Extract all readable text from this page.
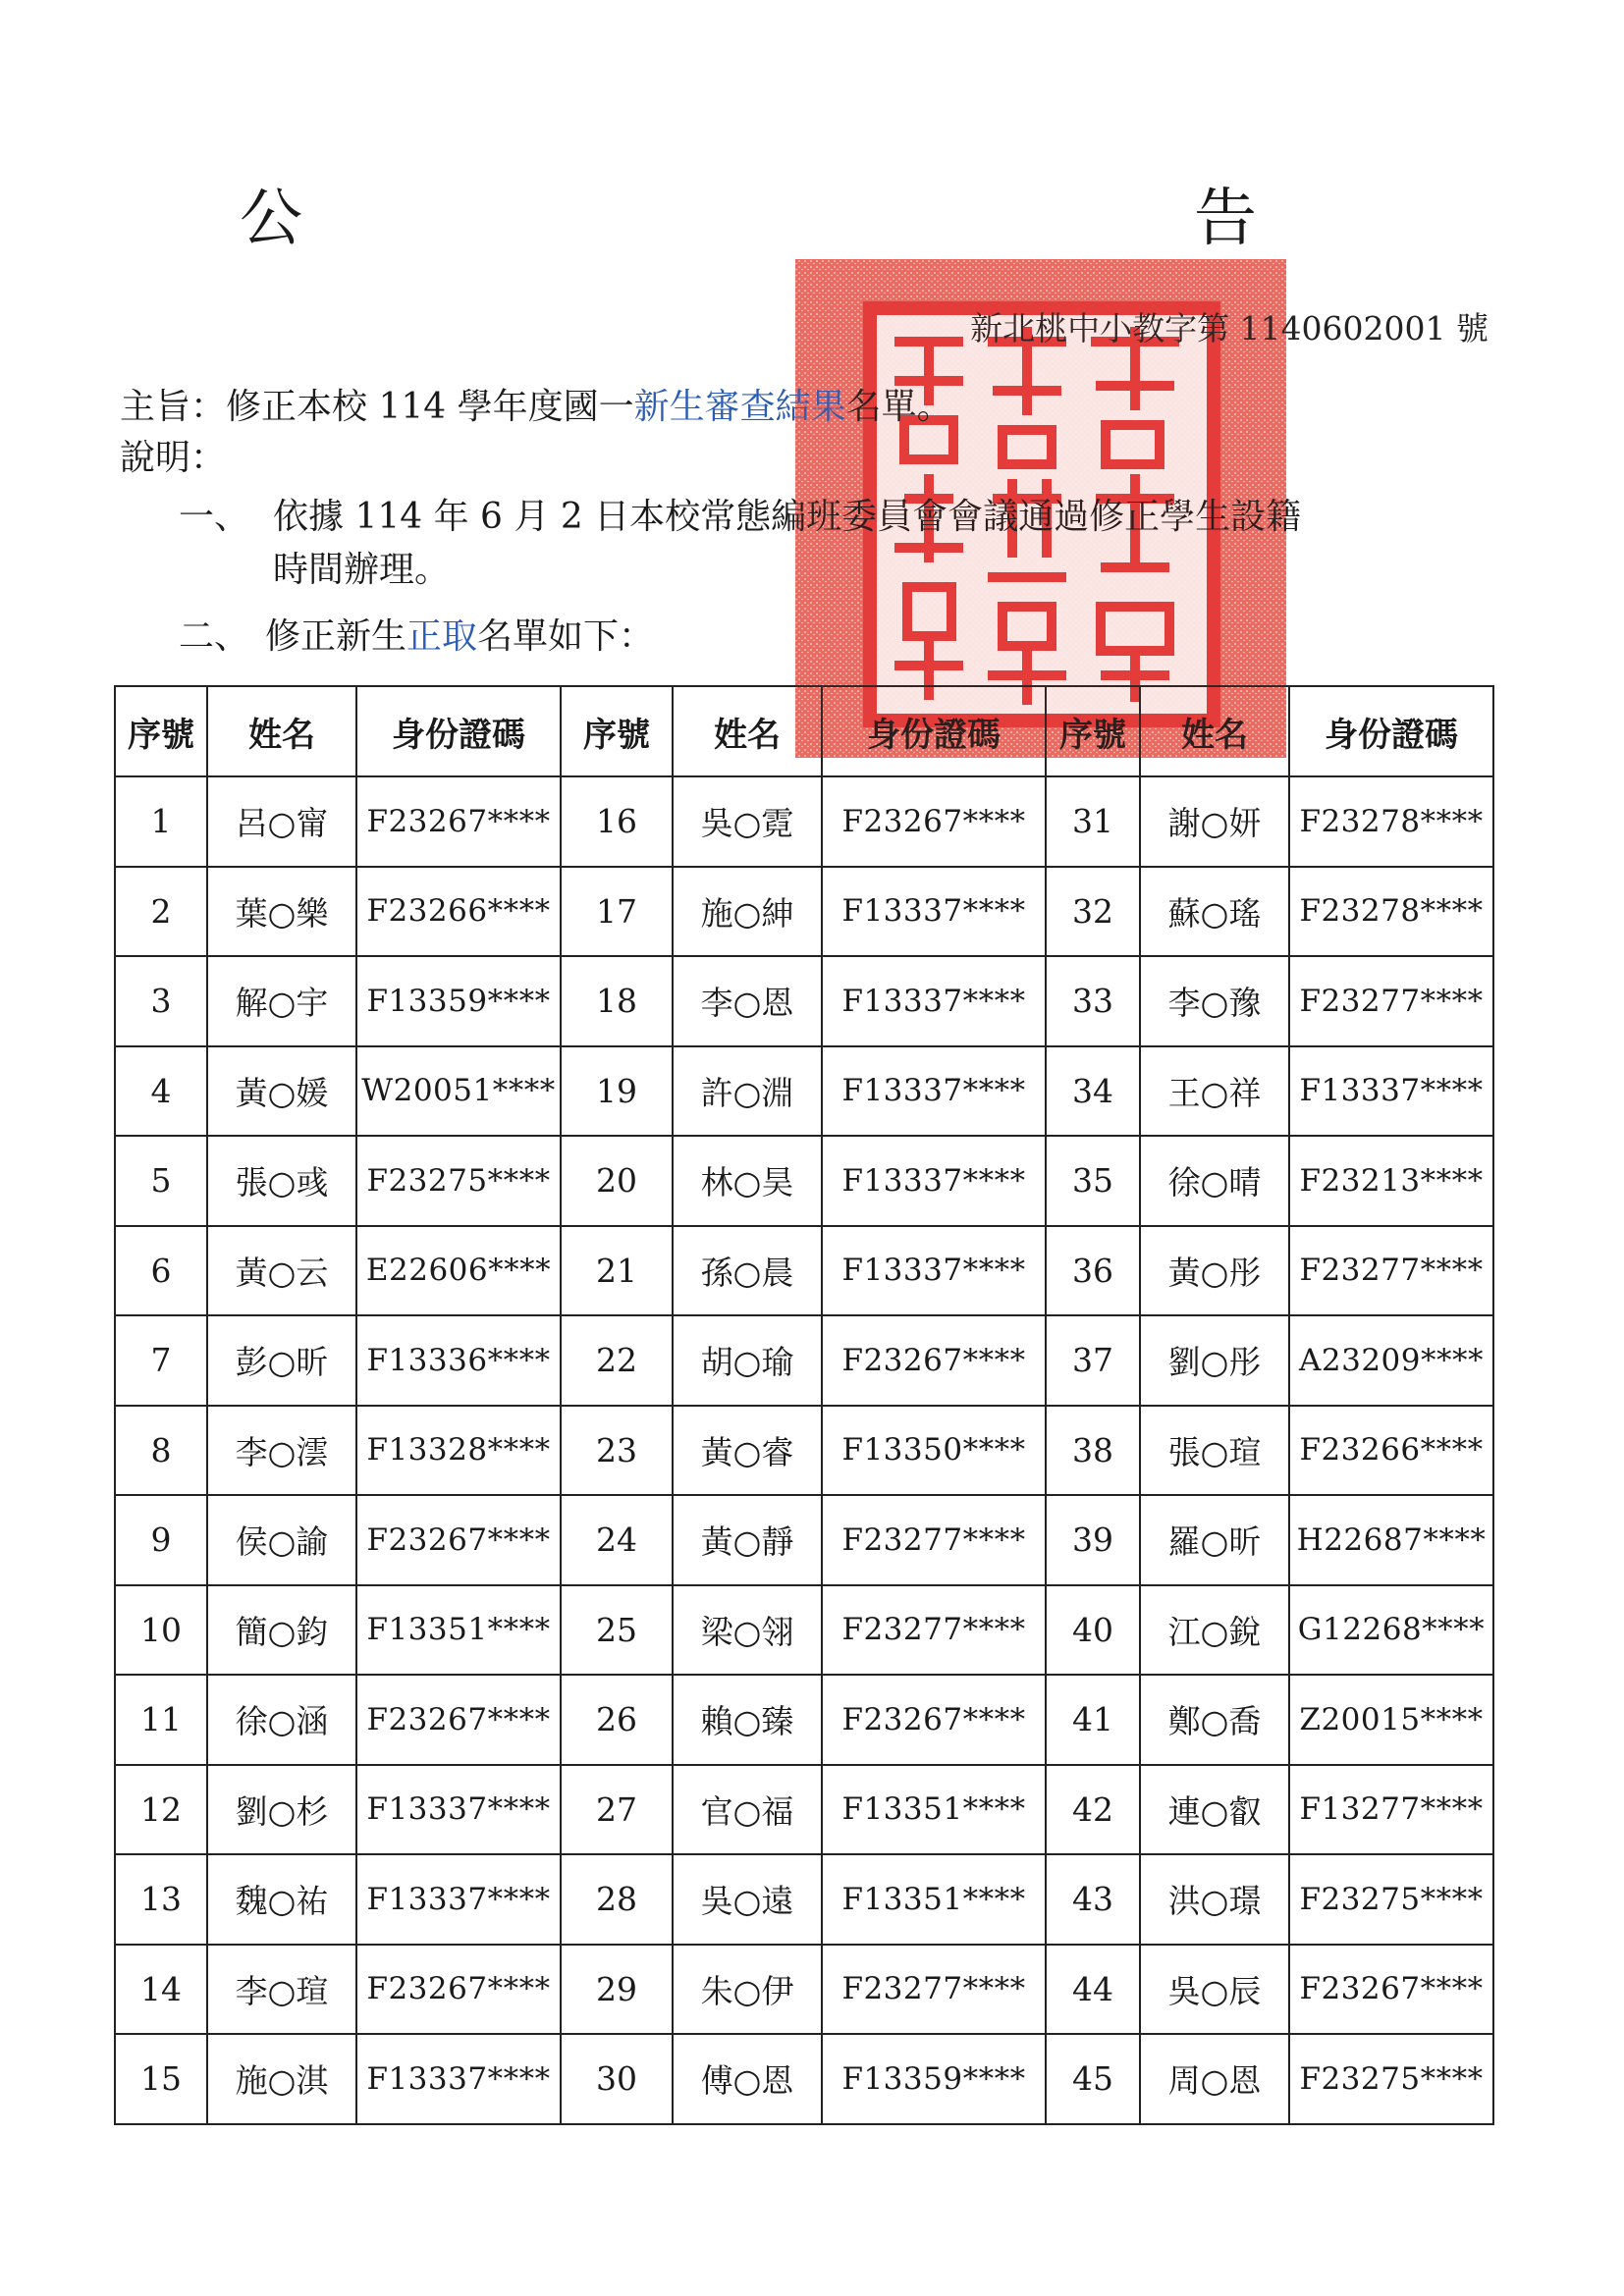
公　　告
新北桃中小教字第 1140602001 號
主旨：修正本校 114 學年度國一新生審查結果名單。
說明：
一、 依據 114 年 6 月 2 日本校常態編班委員會會議通過修正學生設籍
時間辦理。
二、 修正新生正取名單如下：
序號	姓名	身份證碼	序號	姓名	身份證碼	序號	姓名	身份證碼
1	呂○甯	F23267****	16	吳○霓	F23267****	31	謝○妍	F23278****
2	葉○樂	F23266****	17	施○紳	F13337****	32	蘇○瑤	F23278****
3	解○宇	F13359****	18	李○恩	F13337****	33	李○豫	F23277****
4	黃○媛	W20051****	19	許○淵	F13337****	34	王○祥	F13337****
5	張○彧	F23275****	20	林○昊	F13337****	35	徐○晴	F23213****
6	黃○云	E22606****	21	孫○晨	F13337****	36	黃○彤	F23277****
7	彭○昕	F13336****	22	胡○瑜	F23267****	37	劉○彤	A23209****
8	李○澐	F13328****	23	黃○睿	F13350****	38	張○瑄	F23266****
9	侯○諭	F23267****	24	黃○靜	F23277****	39	羅○昕	H22687****
10	簡○鈞	F13351****	25	梁○翎	F23277****	40	江○銳	G12268****
11	徐○涵	F23267****	26	賴○臻	F23267****	41	鄭○喬	Z20015****
12	劉○杉	F13337****	27	官○福	F13351****	42	連○叡	F13277****
13	魏○祐	F13337****	28	吳○遠	F13351****	43	洪○璟	F23275****
14	李○瑄	F23267****	29	朱○伊	F23277****	44	吳○辰	F23267****
15	施○淇	F13337****	30	傅○恩	F13359****	45	周○恩	F23275****
